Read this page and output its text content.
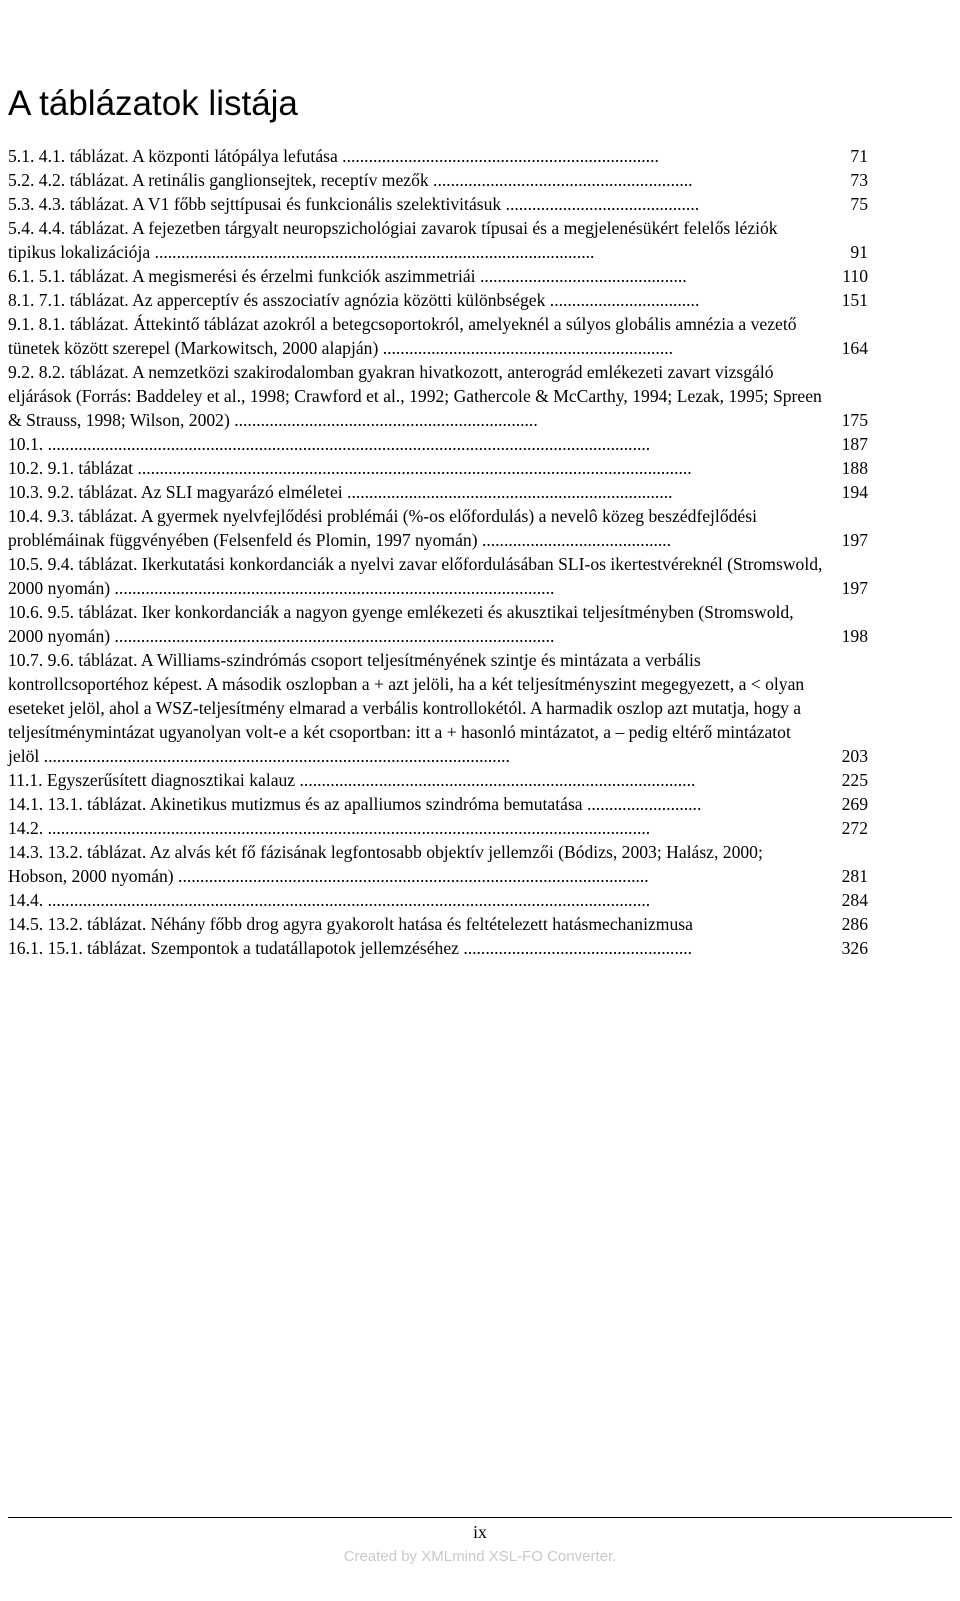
A táblázatok listája
5.1. 4.1. táblázat. A központi látópálya lefutása ........................................................................	71
5.2. 4.2. táblázat. A retinális ganglionsejtek, receptív mezők ...........................................................	73
5.3. 4.3. táblázat. A V1 főbb sejttípusai és funkcionális szelektivitásuk ............................................	75
5.4. 4.4. táblázat. A fejezetben tárgyalt neuropszichológiai zavarok típusai és a megjelenésükért felelős léziók tipikus lokalizációja ....................................................................................................	91
6.1. 5.1. táblázat. A megismerési és érzelmi funkciók aszimmetriái ...............................................	110
8.1. 7.1. táblázat. Az apperceptív és asszociatív agnózia közötti különbségek ..................................	151
9.1. 8.1. táblázat. Áttekintő táblázat azokról a betegcsoportokról, amelyeknél a súlyos globális amnézia a vezető tünetek között szerepel (Markowitsch, 2000 alapján) ..................................................................	164
9.2. 8.2. táblázat. A nemzetközi szakirodalomban gyakran hivatkozott, anterográd emlékezeti zavart vizsgáló eljárások (Forrás: Baddeley et al., 1998; Crawford et al., 1992; Gathercole & McCarthy, 1994; Lezak, 1995; Spreen & Strauss, 1998; Wilson, 2002) .....................................................................	175
10.1. .........................................................................................................................................	187
10.2. 9.1. táblázat ..............................................................................................................................	188
10.3. 9.2. táblázat. Az SLI magyarázó elméletei ..........................................................................	194
10.4. 9.3. táblázat. A gyermek nyelvfejlődési problémái (%-os előfordulás) a nevelô közeg beszédfejlődési problémáinak függvényében (Felsenfeld és Plomin, 1997 nyomán) ...........................................	197
10.5. 9.4. táblázat. Ikerkutatási konkordanciák a nyelvi zavar előfordulásában SLI-os ikertestvéreknél (Stromswold, 2000 nyomán) ....................................................................................................	197
10.6. 9.5. táblázat. Iker konkordanciák a nagyon gyenge emlékezeti és akusztikai teljesítményben (Stromswold, 2000 nyomán) ....................................................................................................	198
10.7. 9.6. táblázat. A Williams-szindrómás csoport teljesítményének szintje és mintázata a verbális kontrollcsoportéhoz képest. A második oszlopban a + azt jelöli, ha a két teljesítményszint megegyezett, a < olyan eseteket jelöl, ahol a WSZ-teljesítmény elmarad a verbális kontrollokétól. A harmadik oszlop azt mutatja, hogy a teljesítménymintázat ugyanolyan volt-e a két csoportban: itt a + hasonló mintázatot, a – pedig eltérő mintázatot jelöl ..........................................................................................................	203
11.1. Egyszerűsített diagnosztikai kalauz ..........................................................................................	225
14.1. 13.1. táblázat. Akinetikus mutizmus és az apalliumos szindróma bemutatása ..........................	269
14.2. .........................................................................................................................................	272
14.3. 13.2. táblázat. Az alvás két fő fázisának legfontosabb objektív jellemzői (Bódizs, 2003; Halász, 2000; Hobson, 2000 nyomán) ...........................................................................................................	281
14.4. .........................................................................................................................................	284
14.5. 13.2. táblázat. Néhány főbb drog agyra gyakorolt hatása és feltételezett hatásmechanizmusa	286
16.1. 15.1. táblázat. Szempontok a tudatállapotok jellemzéséhez ....................................................	326
ix
Created by XMLmind XSL-FO Converter.
